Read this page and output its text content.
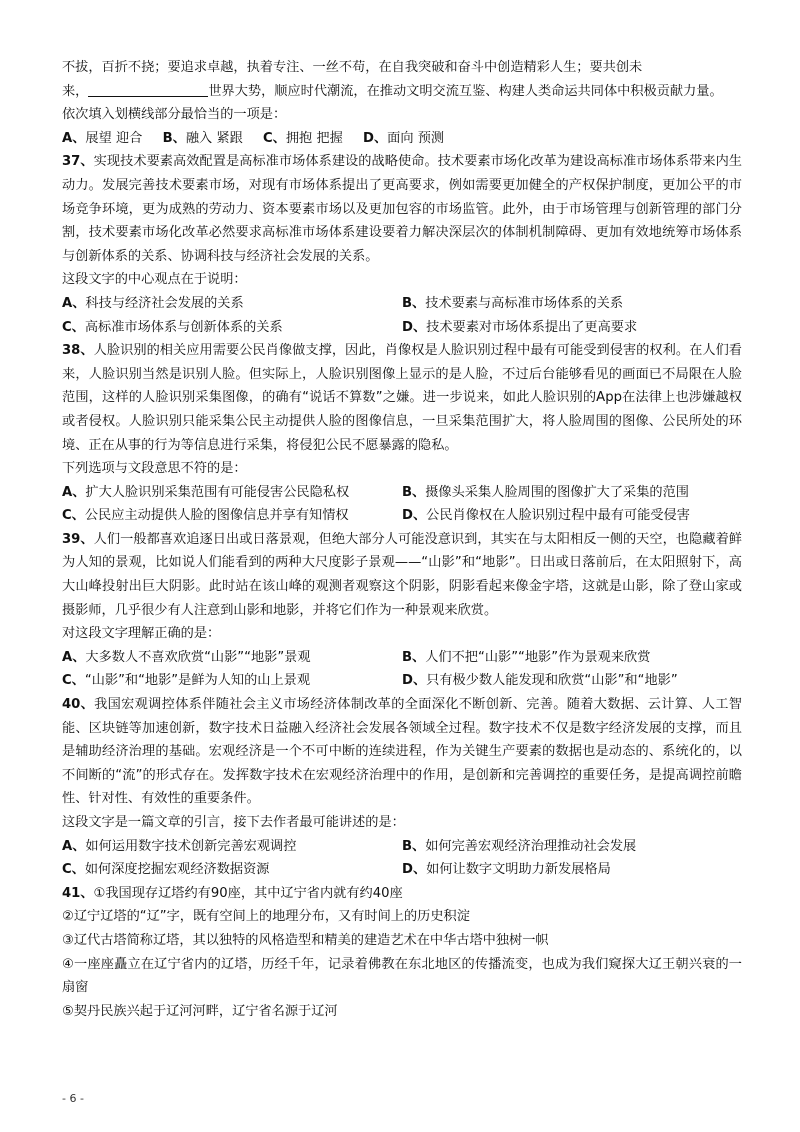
不拔，百折不挠；要追求卓越，执着专注、一丝不苟，在自我突破和奋斗中创造精彩人生；要共创未

来，	世界大势，顺应时代潮流，在推动文明交流互鉴、构建人类命运共同体中积极贡献力量。

依次填入划横线部分最恰当的一项是：

A、展望 迎合 B、融入 紧跟 C、拥抱 把握 D、面向 预测

37、实现技术要素高效配置是高标准市场体系建设的战略使命。技术要素市场化改革为建设高标准市场体系带来内生动力。发展完善技术要素市场，对现有市场体系提出了更高要求，例如需要更加健全的产权保护制度，更加公平的市场竞争环境，更为成熟的劳动力、资本要素市场以及更加包容的市场监管。此外，由于市场管理与创新管理的部门分割，技术要素市场化改革必然要求高标准市场体系建设要着力解决深层次的体制机制障碍、更加有效地统筹市场体系与创新体系的关系、协调科技与经济社会发展的关系。

这段文字的中心观点在于说明：

A、科技与经济社会发展的关系	B、技术要素与高标准市场体系的关系
C、高标准市场体系与创新体系的关系	D、技术要素对市场体系提出了更高要求

38、人脸识别的相关应用需要公民肖像做支撑，因此，肖像权是人脸识别过程中最有可能受到侵害的权利。在人们看来，人脸识别当然是识别人脸。但实际上，人脸识别图像上显示的是人脸，不过后台能够看见的画面已不局限在人脸范围，这样的人脸识别采集图像，的确有“说话不算数”之嫌。进一步说来，如此人脸识别的App在法律上也涉嫌越权或者侵权。人脸识别只能采集公民主动提供人脸的图像信息，一旦采集范围扩大，将人脸周围的图像、公民所处的环境、正在从事的行为等信息进行采集，将侵犯公民不愿暴露的隐私。

下列选项与文段意思不符的是：

A、扩大人脸识别采集范围有可能侵害公民隐私权	B、摄像头采集人脸周围的图像扩大了采集的范围
C、公民应主动提供人脸的图像信息并享有知情权	D、公民肖像权在人脸识别过程中最有可能受侵害

39、人们一般都喜欢追逐日出或日落景观，但绝大部分人可能没意识到，其实在与太阳相反一侧的天空，也隐藏着鲜为人知的景观，比如说人们能看到的两种大尺度影子景观——“山影”和“地影”。日出或日落前后，在太阳照射下，高大山峰投射出巨大阴影。此时站在该山峰的观测者观察这个阴影，阴影看起来像金字塔，这就是山影，除了登山家或摄影师，几乎很少有人注意到山影和地影，并将它们作为一种景观来欣赏。

对这段文字理解正确的是：

A、大多数人不喜欢欣赏“山影”“地影”景观	B、人们不把“山影”“地影”作为景观来欣赏
C、“山影”和“地影”是鲜为人知的山上景观	D、只有极少数人能发现和欣赏“山影”和“地影”

40、我国宏观调控体系伴随社会主义市场经济体制改革的全面深化不断创新、完善。随着大数据、云计算、人工智能、区块链等加速创新，数字技术日益融入经济社会发展各领域全过程。数字技术不仅是数字经济发展的支撑，而且是辅助经济治理的基础。宏观经济是一个不可中断的连续进程，作为关键生产要素的数据也是动态的、系统化的，以不间断的“流”的形式存在。发挥数字技术在宏观经济治理中的作用，是创新和完善调控的重要任务，是提高调控前瞻性、针对性、有效性的重要条件。

这段文字是一篇文章的引言，接下去作者最可能讲述的是：

A、如何运用数字技术创新完善宏观调控	B、如何完善宏观经济治理推动社会发展
C、如何深度挖掘宏观经济数据资源	D、如何让数字文明助力新发展格局

41、①我国现存辽塔约有90座，其中辽宁省内就有约40座

②辽宁辽塔的“辽”字，既有空间上的地理分布，又有时间上的历史积淀

③辽代古塔简称辽塔，其以独特的风格造型和精美的建造艺术在中华古塔中独树一帜

④一座座矗立在辽宁省内的辽塔，历经千年，记录着佛教在东北地区的传播流变，也成为我们窥探大辽王朝兴衰的一扇窗

⑤契丹民族兴起于辽河河畔，辽宁省名源于辽河

- 6 -
